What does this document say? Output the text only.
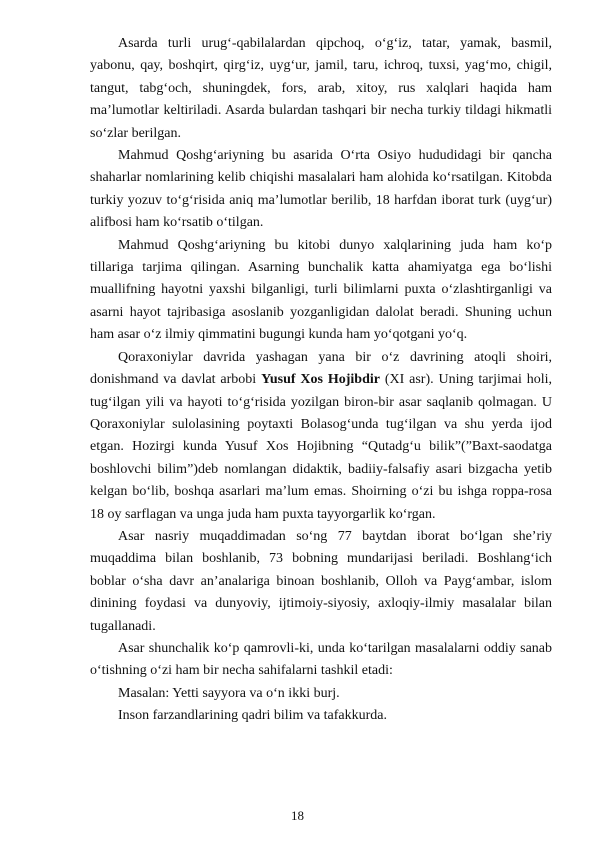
Asarda turli urug‘-qabilalardan qipchoq, o‘g‘iz, tatar, yamak, basmil, yabonu, qay, boshqirt, qirg‘iz, uyg‘ur, jamil, taru, ichroq, tuxsi, yag‘mo, chigil, tangut, tabg‘och, shuningdek, fors, arab, xitoy, rus xalqlari haqida ham ma’lumotlar keltiriladi. Asarda bulardan tashqari bir necha turkiy tildagi hikmatli so‘zlar berilgan.

Mahmud Qoshg‘ariyning bu asarida O‘rta Osiyo hududidagi bir qancha shaharlar nomlarining kelib chiqishi masalalari ham alohida ko‘rsatilgan. Kitobda turkiy yozuv to‘g‘risida aniq ma’lumotlar berilib, 18 harfdan iborat turk (uyg‘ur) alifbosi ham ko‘rsatib o‘tilgan.

Mahmud Qoshg‘ariyning bu kitobi dunyo xalqlarining juda ham ko‘p tillariga tarjima qilingan. Asarning bunchalik katta ahamiyatga ega bo‘lishi muallifning hayotni yaxshi bilganligi, turli bilimlarni puxta o‘zlashtirganligi va asarni hayot tajribasiga asoslanib yozganligidan dalolat beradi. Shuning uchun ham asar o‘z ilmiy qimmatini bugungi kunda ham yo‘qotgani yo‘q.

Qoraxoniylar davrida yashagan yana bir o‘z davrining atoqli shoiri, donishmand va davlat arbobi Yusuf Xos Hojibdir (XI asr). Uning tarjimai holi, tug‘ilgan yili va hayoti to‘g‘risida yozilgan biron-bir asar saqlanib qolmagan. U Qoraxoniylar sulolasining poytaxti Bolasog‘unda tug‘ilgan va shu yerda ijod etgan. Hozirgi kunda Yusuf Xos Hojibning “Qutadg‘u bilik”(”Baxt-saodatga boshlovchi bilim”)deb nomlangan didaktik, badiiy-falsafiy asari bizgacha yetib kelgan bo‘lib, boshqa asarlari ma’lum emas. Shoirning o‘zi bu ishga roppa-rosa 18 oy sarflagan va unga juda ham puxta tayyorgarlik ko‘rgan.

Asar nasriy muqaddimadan so‘ng 77 baytdan iborat bo‘lgan she’riy muqaddima bilan boshlanib, 73 bobning mundarijasi beriladi. Boshlang‘ich boblar o‘sha davr an’analariga binoan boshlanib, Olloh va Payg‘ambar, islom dinining foydasi va dunyoviy, ijtimoiy-siyosiy, axloqiy-ilmiy masalalar bilan tugallanadi.

Asar shunchalik ko‘p qamrovli-ki, unda ko‘tarilgan masalalarni oddiy sanab o‘tishning o‘zi ham bir necha sahifalarni tashkil etadi:

Masalan: Yetti sayyora va o‘n ikki burj.

Inson farzandlarining qadri bilim va tafakkurda.

18
